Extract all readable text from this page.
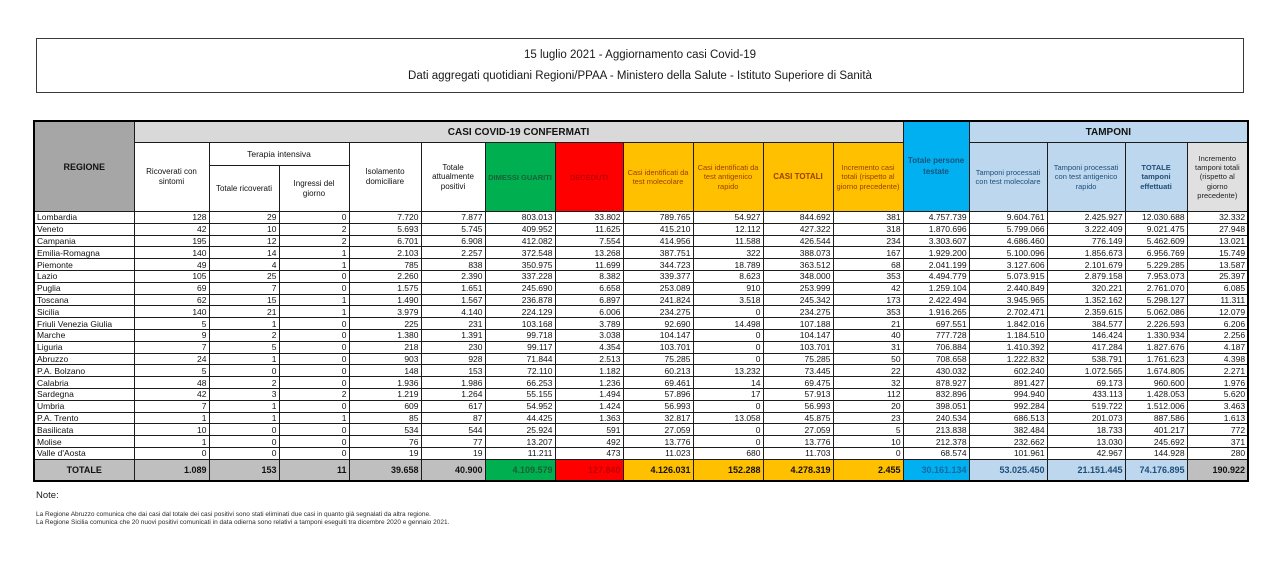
15 luglio 2021 - Aggiornamento casi Covid-19
Dati aggregati quotidiani Regioni/PPAA - Ministero della Salute - Istituto Superiore di Sanità
REGIONE	CASI COVID-19 CONFERMATI											Totale persone testate	TAMPONI			
	Ricoverati con sintomi	Terapia intensiva		Isolamento domiciliare	Totale attualmente positivi	DIMESSI GUARITI	DECEDUTI	Casi identificati da test molecolare	Casi identificati da test antigenico rapido	CASI TOTALI	Incremento casi totali (rispetto al giorno precedente)		Tamponi processati con test molecolare	Tamponi processati con test antigenico rapido	TOTALE tamponi effettuati	Incremento tamponi totali (rispetto al giorno precedente)
		Totale ricoverati	Ingressi del giorno													
Lombardia	128	29	0	7.720	7.877	803.013	33.802	789.765	54.927	844.692	381	4.757.739	9.604.761	2.425.927	12.030.688	32.332
Veneto	42	10	2	5.693	5.745	409.952	11.625	415.210	12.112	427.322	318	1.870.696	5.799.066	3.222.409	9.021.475	27.948
Campania	195	12	2	6.701	6.908	412.082	7.554	414.956	11.588	426.544	234	3.303.607	4.686.460	776.149	5.462.609	13.021
Emilia-Romagna	140	14	1	2.103	2.257	372.548	13.268	387.751	322	388.073	167	1.929.200	5.100.096	1.856.673	6.956.769	15.749
Piemonte	49	4	1	785	838	350.975	11.699	344.723	18.789	363.512	68	2.041.199	3.127.606	2.101.679	5.229.285	13.587
Lazio	105	25	0	2.260	2.390	337.228	8.382	339.377	8.623	348.000	353	4.494.779	5.073.915	2.879.158	7.953.073	25.397
Puglia	69	7	0	1.575	1.651	245.690	6.658	253.089	910	253.999	42	1.259.104	2.440.849	320.221	2.761.070	6.085
Toscana	62	15	1	1.490	1.567	236.878	6.897	241.824	3.518	245.342	173	2.422.494	3.945.965	1.352.162	5.298.127	11.311
Sicilia	140	21	1	3.979	4.140	224.129	6.006	234.275	0	234.275	353	1.916.265	2.702.471	2.359.615	5.062.086	12.079
Friuli Venezia Giulia	5	1	0	225	231	103.168	3.789	92.690	14.498	107.188	21	697.551	1.842.016	384.577	2.226.593	6.206
Marche	9	2	0	1.380	1.391	99.718	3.038	104.147	0	104.147	40	777.728	1.184.510	146.424	1.330.934	2.256
Liguria	7	5	0	218	230	99.117	4.354	103.701	0	103.701	31	706.884	1.410.392	417.284	1.827.676	4.187
Abruzzo	24	1	0	903	928	71.844	2.513	75.285	0	75.285	50	708.658	1.222.832	538.791	1.761.623	4.398
P.A. Bolzano	5	0	0	148	153	72.110	1.182	60.213	13.232	73.445	22	430.032	602.240	1.072.565	1.674.805	2.271
Calabria	48	2	0	1.936	1.986	66.253	1.236	69.461	14	69.475	32	878.927	891.427	69.173	960.600	1.976
Sardegna	42	3	2	1.219	1.264	55.155	1.494	57.896	17	57.913	112	832.896	994.940	433.113	1.428.053	5.620
Umbria	7	1	0	609	617	54.952	1.424	56.993	0	56.993	20	398.051	992.284	519.722	1.512.006	3.463
P.A. Trento	1	1	1	85	87	44.425	1.363	32.817	13.058	45.875	23	240.534	686.513	201.073	887.586	1.613
Basilicata	10	0	0	534	544	25.924	591	27.059	0	27.059	5	213.838	382.484	18.733	401.217	772
Molise	1	0	0	76	77	13.207	492	13.776	0	13.776	10	212.378	232.662	13.030	245.692	371
Valle d'Aosta	0	0	0	19	19	11.211	473	11.023	680	11.703	0	68.574	101.961	42.967	144.928	280
TOTALE	1.089	153	11	39.658	40.900	4.109.579	127.840	4.126.031	152.288	4.278.319	2.455	30.161.134	53.025.450	21.151.445	74.176.895	190.922
Note:
La Regione Abruzzo comunica che dai casi dal totale dei casi positivi sono stati eliminati due casi in quanto già segnalati da altra regione.
La Regione Sicilia comunica che 20 nuovi positivi comunicati in data odierna sono relativi a tamponi eseguiti tra dicembre 2020 e gennaio 2021.
